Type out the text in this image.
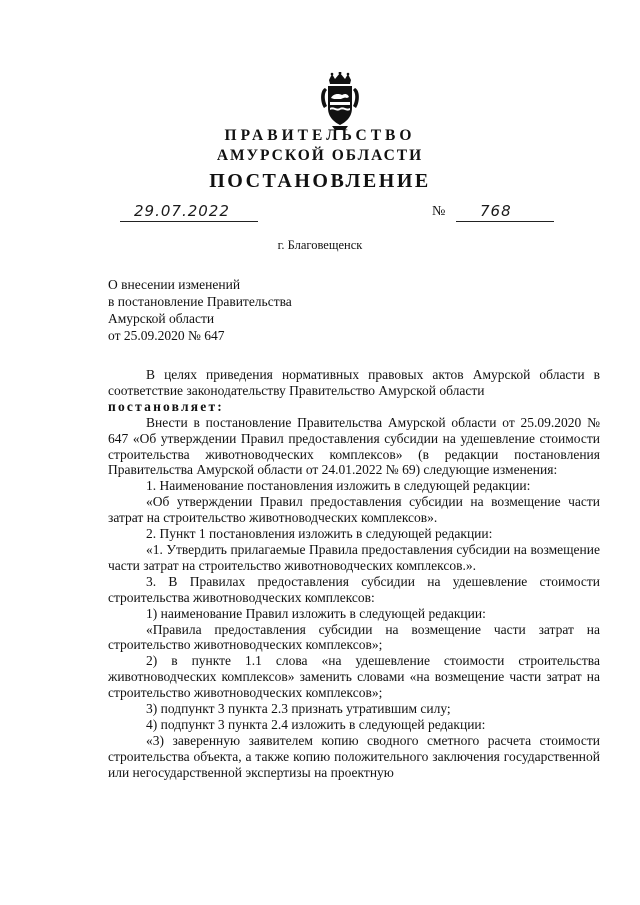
ПРАВИТЕЛЬСТВО
АМУРСКОЙ ОБЛАСТИ
ПОСТАНОВЛЕНИЕ
29.07.2022	№ 768
г. Благовещенск
О внесении изменений
в постановление Правительства
Амурской области
от 25.09.2020 № 647

В целях приведения нормативных правовых актов Амурской области в соответствие законодательству Правительство Амурской области

постановляет:

Внести в постановление Правительства Амурской области от 25.09.2020 № 647 «Об утверждении Правил предоставления субсидии на удешевление стоимости строительства животноводческих комплексов» (в редакции постановления Правительства Амурской области от 24.01.2022 № 69) следующие изменения:

1. Наименование постановления изложить в следующей редакции:

«Об утверждении Правил предоставления субсидии на возмещение части затрат на строительство животноводческих комплексов».

2. Пункт 1 постановления изложить в следующей редакции:

«1. Утвердить прилагаемые Правила предоставления субсидии на возмещение части затрат на строительство животноводческих комплексов.».

3. В Правилах предоставления субсидии на удешевление стоимости строительства животноводческих комплексов:

1) наименование Правил изложить в следующей редакции:

«Правила предоставления субсидии на возмещение части затрат на строительство животноводческих комплексов»;

2) в пункте 1.1 слова «на удешевление стоимости строительства животноводческих комплексов» заменить словами «на возмещение части затрат на строительство животноводческих комплексов»;

3) подпункт 3 пункта 2.3 признать утратившим силу;

4) подпункт 3 пункта 2.4 изложить в следующей редакции:

«3) заверенную заявителем копию сводного сметного расчета стоимости строительства объекта, а также копию положительного заключения государственной или негосударственной экспертизы на проектную
